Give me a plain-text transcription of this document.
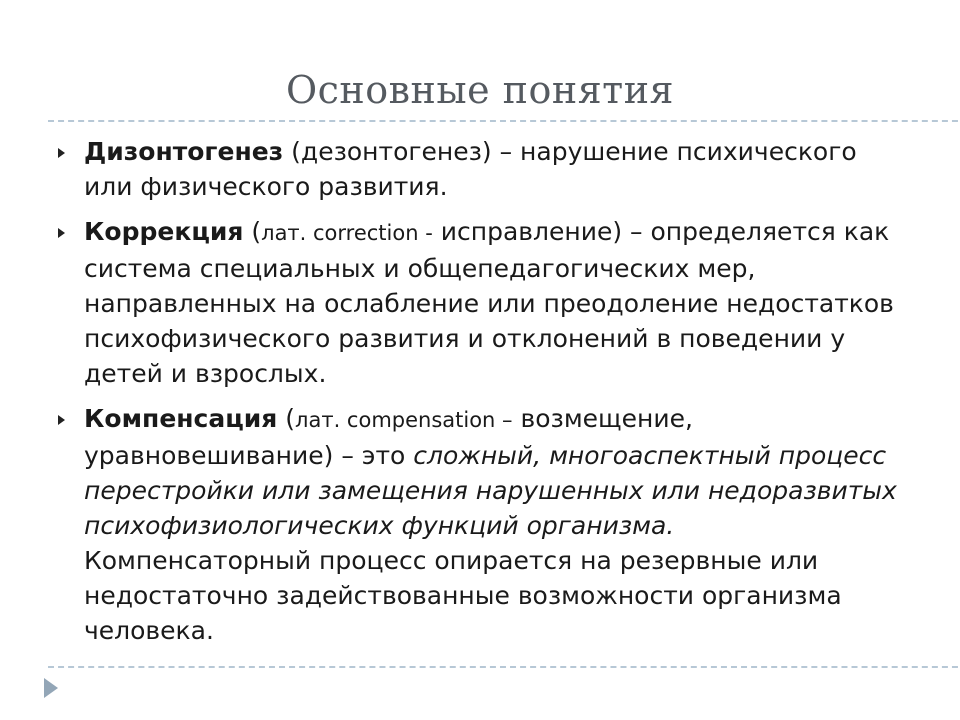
Основные понятия
Дизонтогенез (дезонтогенез) – нарушение психического или физического развития.
Коррекция (лат. correction - исправление) – определяется как система специальных и общепедагогических мер, направленных на ослабление или преодоление недостатков психофизического развития и отклонений в поведении у детей и взрослых.
Компенсация (лат. compensation – возмещение, уравновешивание) – это сложный, многоаспектный процесс перестройки или замещения нарушенных или недоразвитых психофизиологических функций организма. Компенсаторный процесс опирается на резервные или недостаточно задействованные возможности организма человека.
